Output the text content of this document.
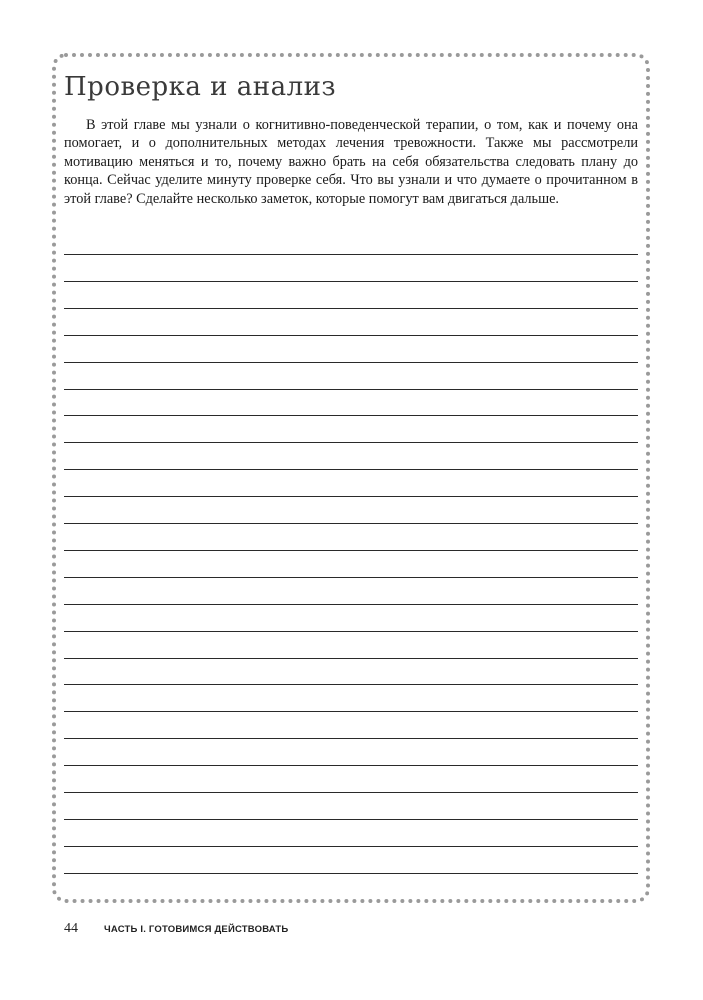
Проверка и анализ

В этой главе мы узнали о когнитивно-поведенческой терапии, о том, как и почему она помогает, и о дополнительных методах лечения тревожности. Также мы рассмотрели мотивацию меняться и то, почему важно брать на себя обязательства следовать плану до конца. Сейчас уделите минуту проверке себя. Что вы узнали и что думаете о прочитанном в этой главе? Сделайте несколько заметок, которые помогут вам двигаться дальше.

44	ЧАСТЬ I. ГОТОВИМСЯ ДЕЙСТВОВАТЬ
